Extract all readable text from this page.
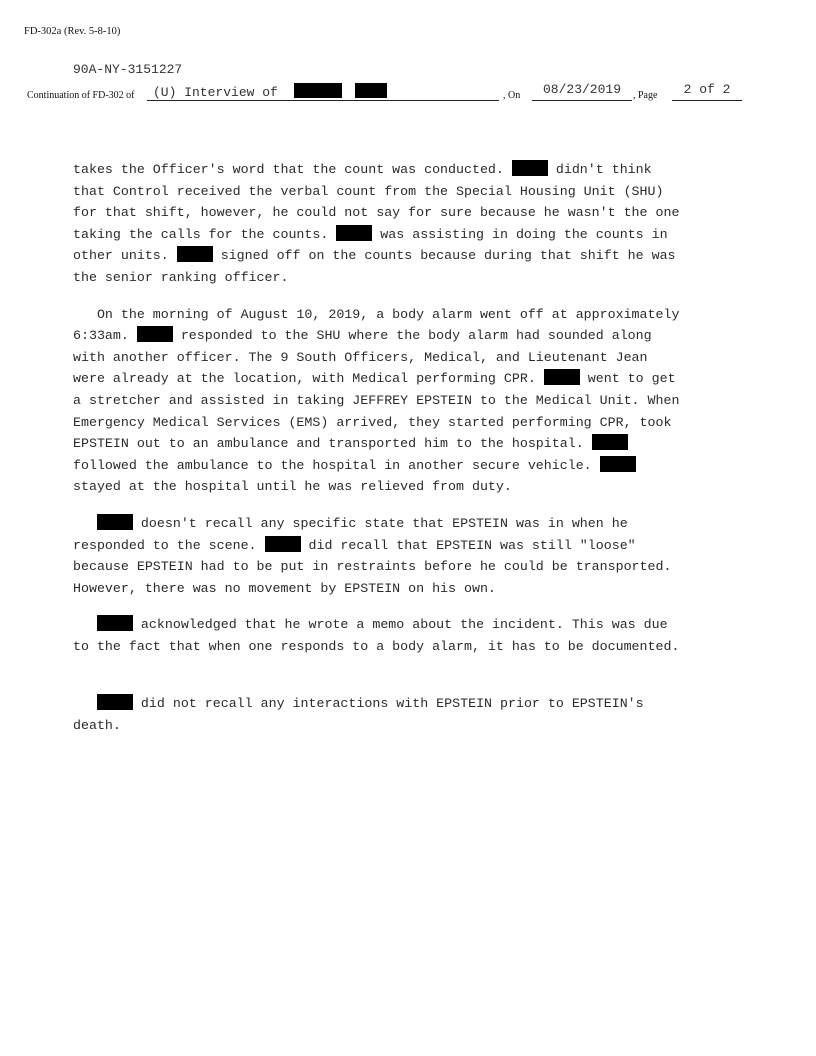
FD-302a (Rev. 5-8-10)
90A-NY-3151227
Continuation of FD-302 of	(U) Interview of	, On	08/23/2019	, Page	2 of 2
takes the Officer's word that the count was conducted.	didn't think
that Control received the verbal count from the Special Housing Unit (SHU)
for that shift, however, he could not say for sure because he wasn't the one
taking the calls for the counts.	was assisting in doing the counts in
other units.	signed off on the counts because during that shift he was
the senior ranking officer.
On the morning of August 10, 2019, a body alarm went off at approximately
6:33am.	responded to the SHU where the body alarm had sounded along
with another officer. The 9 South Officers, Medical, and Lieutenant Jean
were already at the location, with Medical performing CPR.	went to get
a stretcher and assisted in taking JEFFREY EPSTEIN to the Medical Unit. When
Emergency Medical Services (EMS) arrived, they started performing CPR, took
EPSTEIN out to an ambulance and transported him to the hospital.
followed the ambulance to the hospital in another secure vehicle.
stayed at the hospital until he was relieved from duty.
doesn't recall any specific state that EPSTEIN was in when he
responded to the scene.	did recall that EPSTEIN was still "loose"
because EPSTEIN had to be put in restraints before he could be transported.
However, there was no movement by EPSTEIN on his own.
acknowledged that he wrote a memo about the incident. This was due
to the fact that when one responds to a body alarm, it has to be documented.
did not recall any interactions with EPSTEIN prior to EPSTEIN's
death.
